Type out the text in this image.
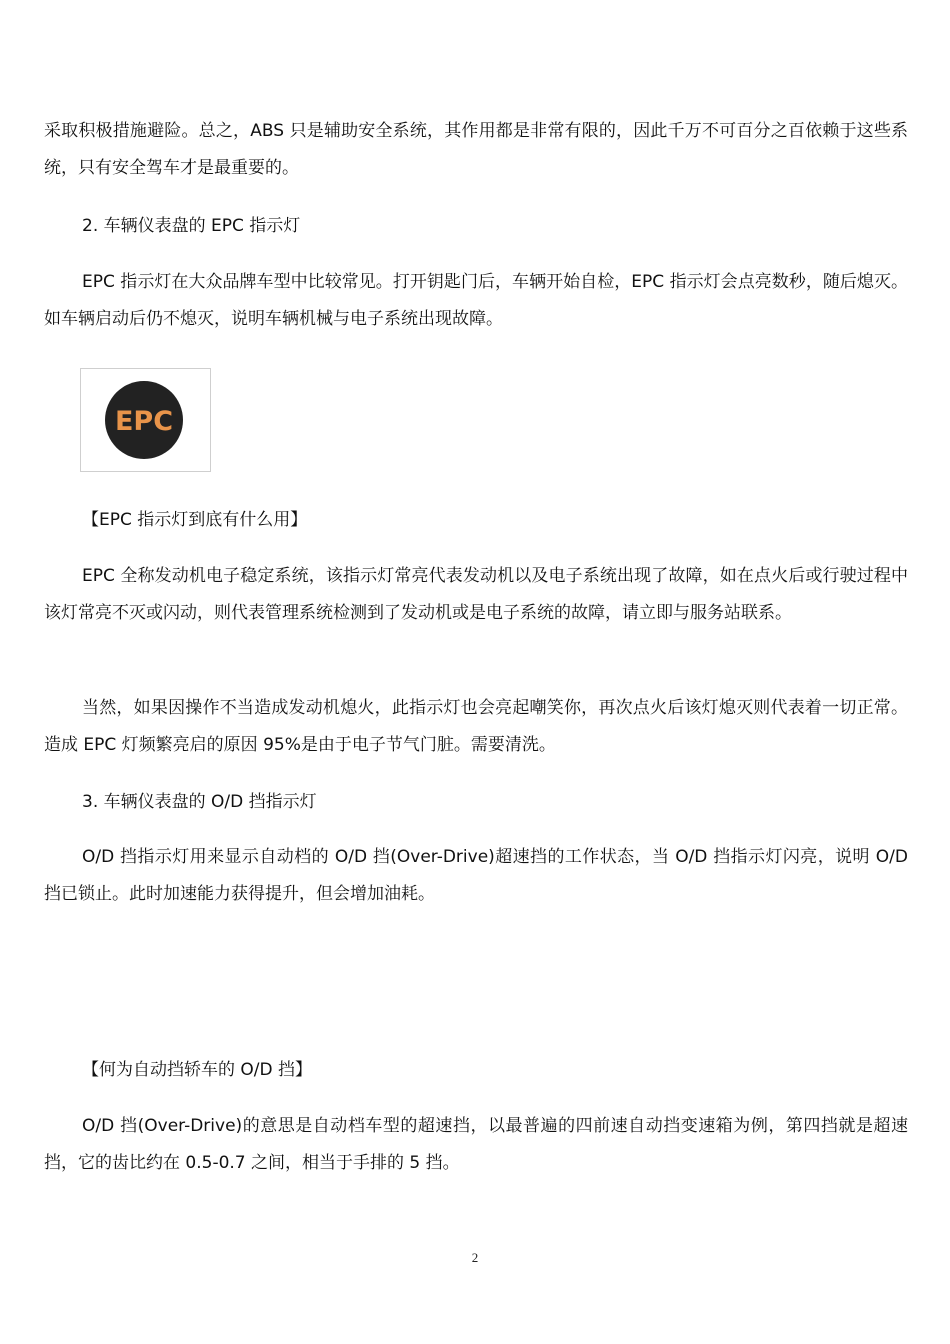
采取积极措施避险。总之，ABS 只是辅助安全系统，其作用都是非常有限的，因此千万不可百分之百依赖于这些系统，只有安全驾车才是最重要的。

2. 车辆仪表盘的 EPC 指示灯

EPC 指示灯在大众品牌车型中比较常见。打开钥匙门后，车辆开始自检，EPC 指示灯会点亮数秒，随后熄灭。如车辆启动后仍不熄灭，说明车辆机械与电子系统出现故障。

EPC

【EPC 指示灯到底有什么用】

EPC 全称发动机电子稳定系统，该指示灯常亮代表发动机以及电子系统出现了故障，如在点火后或行驶过程中该灯常亮不灭或闪动，则代表管理系统检测到了发动机或是电子系统的故障，请立即与服务站联系。

当然，如果因操作不当造成发动机熄火，此指示灯也会亮起嘲笑你，再次点火后该灯熄灭则代表着一切正常。造成 EPC 灯频繁亮启的原因 95%是由于电子节气门脏。需要清洗。

3. 车辆仪表盘的 O/D 挡指示灯

O/D 挡指示灯用来显示自动档的 O/D 挡(Over-Drive)超速挡的工作状态，当 O/D 挡指示灯闪亮，说明 O/D 挡已锁止。此时加速能力获得提升，但会增加油耗。

【何为自动挡轿车的 O/D 挡】

O/D 挡(Over-Drive)的意思是自动档车型的超速挡，以最普遍的四前速自动挡变速箱为例，第四挡就是超速挡，它的齿比约在 0.5-0.7 之间，相当于手排的 5 挡。

2
